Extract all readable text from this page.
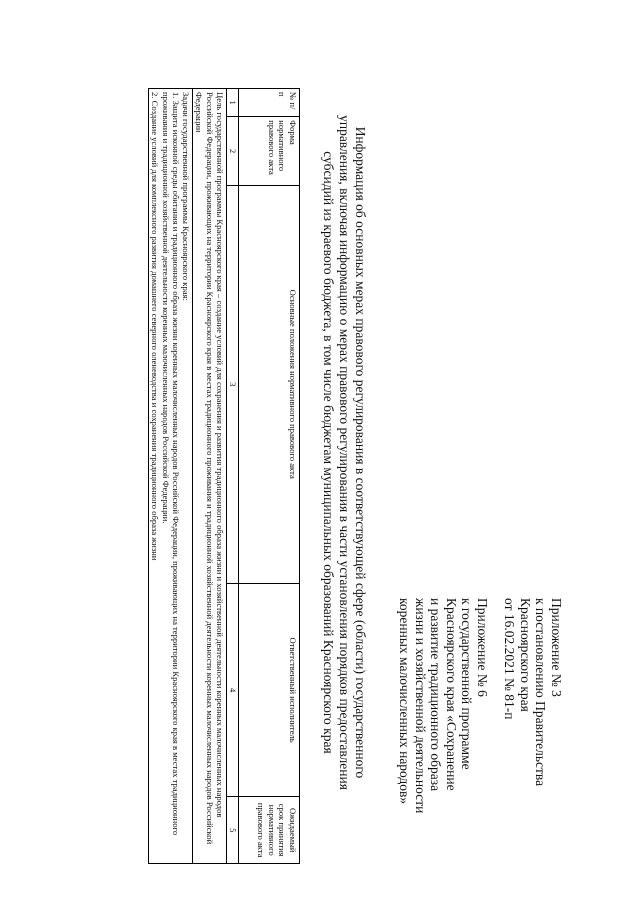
Приложение № 3
к постановлению Правительства
Красноярского края
от 16.02.2021 № 81-п
Приложение № 6
к государственной программе
Красноярского края «Сохранение
и развитие традиционного образа
жизни и хозяйственной деятельности
коренных малочисленных народов»
Информация об основных мерах правового регулирования в соответствующей сфере (области) государственного
управления, включая информацию о мерах правового регулирования в части установления порядков предоставления
субсидий из краевого бюджета, в том числе бюджетам муниципальных образований Красноярского края
№ п/п	Форма нормативного правового акта	Основные положения нормативного правового акта	Ответственный исполнитель	Ожидаемый срок принятия нормативного правового акта
1	2	3	4	5
Цель государственной программы Красноярского края – создание условий для сохранения и развития традиционного образа жизни и хозяйственной деятельности коренных малочисленных народов Российской Федерации, проживающих на территории Красноярского края в местах традиционного проживания и традиционной хозяйственной деятельности коренных малочисленных народов Российской Федерации				

Задачи государственной программы Красноярского края:
1. Защита исконной среды обитания и традиционного образа жизни коренных малочисленных народов Российской Федерации, проживающих на территории Красноярского края в местах традиционного проживания и традиционной хозяйственной деятельности коренных малочисленных народов Российской Федерации.
2. Создание условий для комплексного развития домашнего северного оленеводства и сохранения традиционного образа жизни				
